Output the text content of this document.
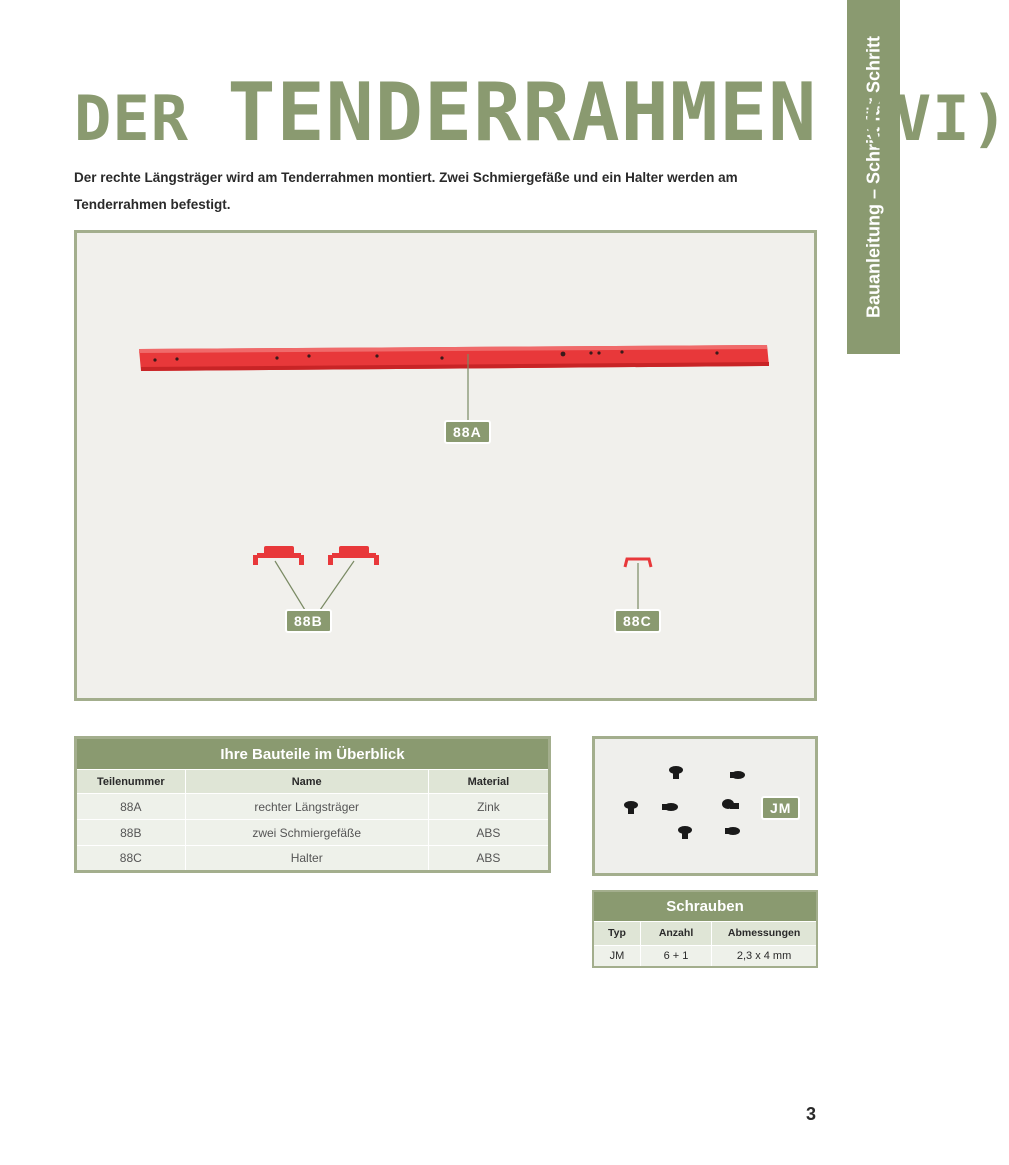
Bauanleitung – Schritt für Schritt
DER TENDERRAHMEN (VI)

Der rechte Längsträger wird am Tenderrahmen montiert. Zwei Schmiergefäße und ein Halter werden am Tenderrahmen befestigt.

88A
88B	88C
Ihre Bauteile im Überblick		
Teilenummer	Name	Material
88A	rechter Längsträger	Zink
88B	zwei Schmiergefäße	ABS
88C	Halter	ABS
JM
Schrauben		
Typ	Anzahl	Abmessungen
JM	6 + 1	2,3 x 4 mm
3
